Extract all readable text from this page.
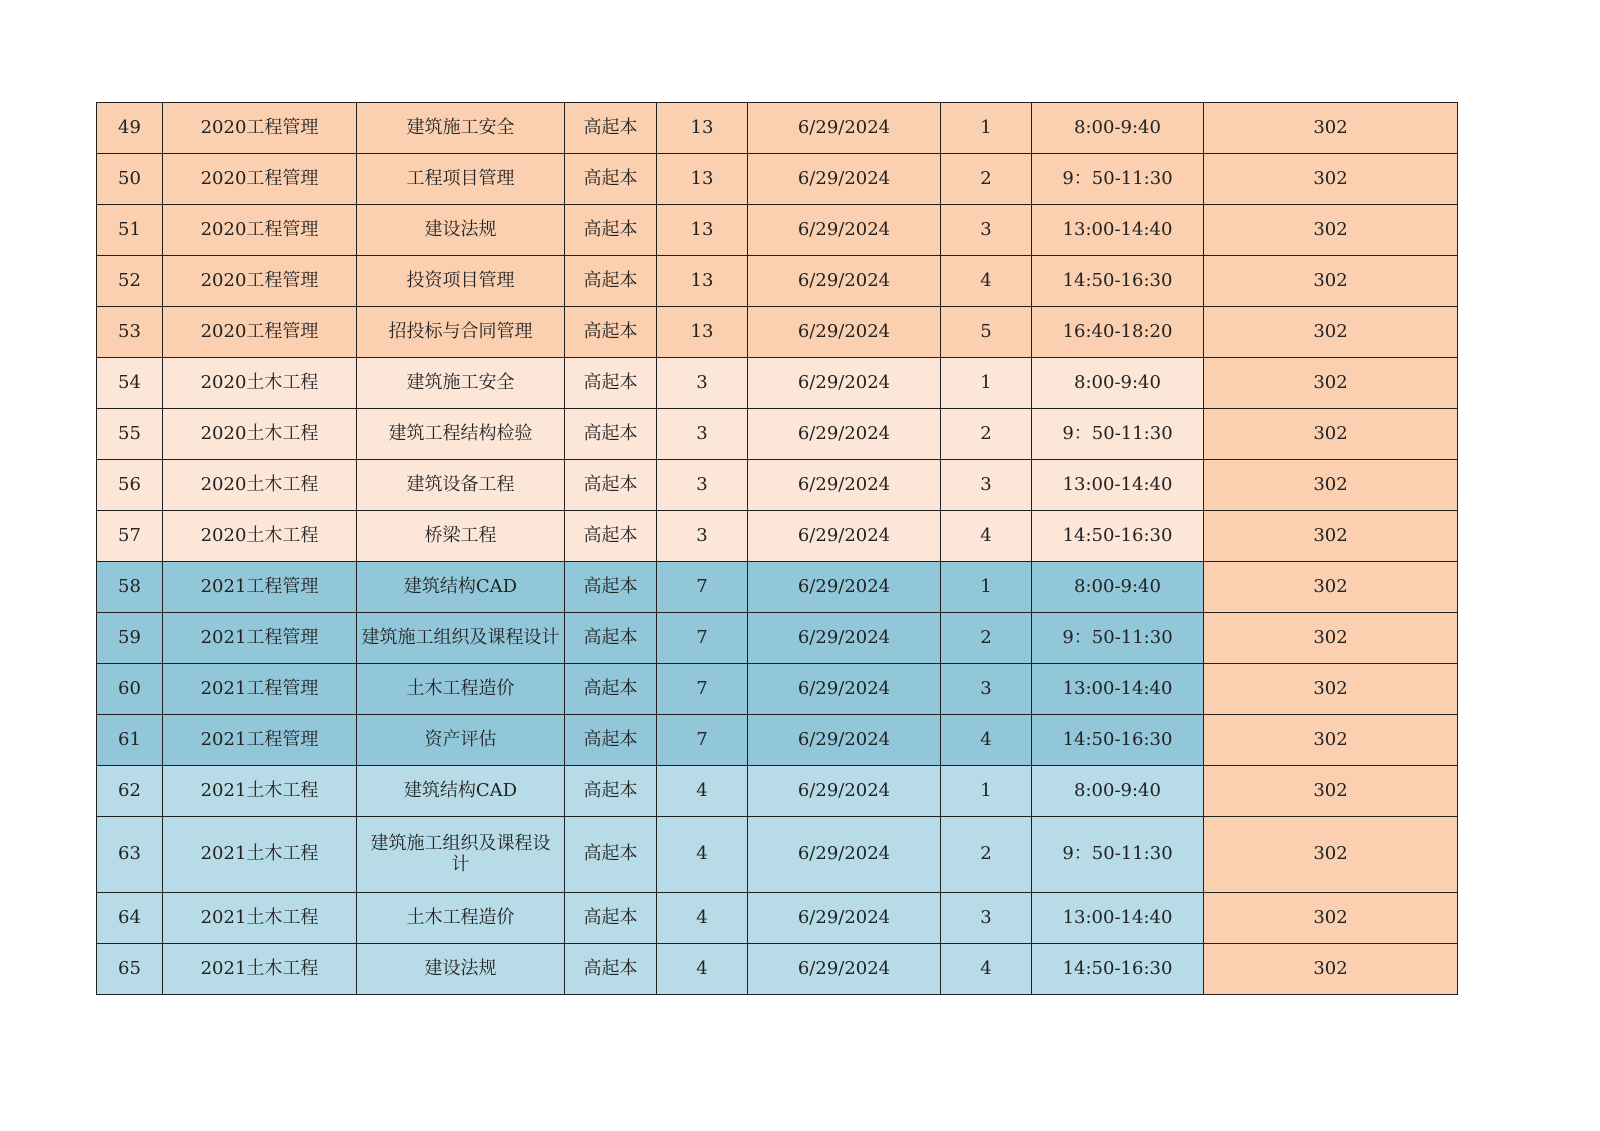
49	2020工程管理	建筑施工安全	高起本	13	6/29/2024	1	8:00-9:40	302
50	2020工程管理	工程项目管理	高起本	13	6/29/2024	2	9：50-11:30	302
51	2020工程管理	建设法规	高起本	13	6/29/2024	3	13:00-14:40	302
52	2020工程管理	投资项目管理	高起本	13	6/29/2024	4	14:50-16:30	302
53	2020工程管理	招投标与合同管理	高起本	13	6/29/2024	5	16:40-18:20	302
54	2020土木工程	建筑施工安全	高起本	3	6/29/2024	1	8:00-9:40	302
55	2020土木工程	建筑工程结构检验	高起本	3	6/29/2024	2	9：50-11:30	302
56	2020土木工程	建筑设备工程	高起本	3	6/29/2024	3	13:00-14:40	302
57	2020土木工程	桥梁工程	高起本	3	6/29/2024	4	14:50-16:30	302
58	2021工程管理	建筑结构CAD	高起本	7	6/29/2024	1	8:00-9:40	302
59	2021工程管理	建筑施工组织及课程设计	高起本	7	6/29/2024	2	9：50-11:30	302
60	2021工程管理	土木工程造价	高起本	7	6/29/2024	3	13:00-14:40	302
61	2021工程管理	资产评估	高起本	7	6/29/2024	4	14:50-16:30	302
62	2021土木工程	建筑结构CAD	高起本	4	6/29/2024	1	8:00-9:40	302
63	2021土木工程	建筑施工组织及课程设计	高起本	4	6/29/2024	2	9：50-11:30	302
64	2021土木工程	土木工程造价	高起本	4	6/29/2024	3	13:00-14:40	302
65	2021土木工程	建设法规	高起本	4	6/29/2024	4	14:50-16:30	302
